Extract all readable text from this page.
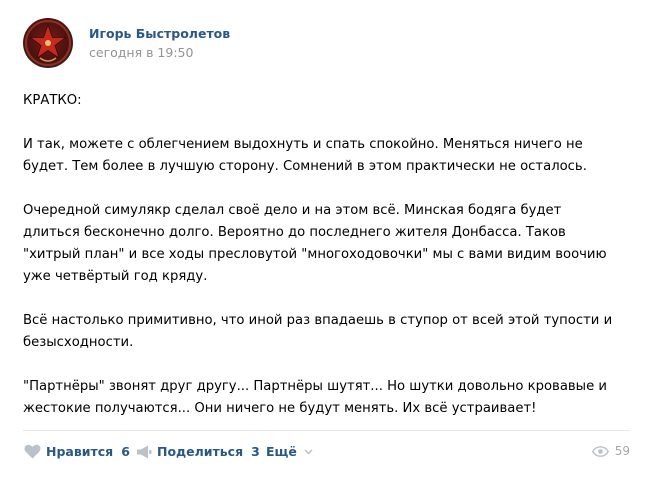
Игорь Быстролетов
сегодня в 19:50

КРАТКО:

И так, можете с облегчением выдохнуть и спать спокойно. Меняться ничего не
будет. Тем более в лучшую сторону. Сомнений в этом практически не осталось.

Очередной симулякр сделал своё дело и на этом всё. Минская бодяга будет
длиться бесконечно долго. Вероятно до последнего жителя Донбасса. Таков
"хитрый план" и все ходы пресловутой "многоходовочки" мы с вами видим воочию
уже четвёртый год кряду.

Всё настолько примитивно, что иной раз впадаешь в ступор от всей этой тупости и
безысходности.

"Партнёры" звонят друг другу... Партнёры шутят... Но шутки довольно кровавые и
жестокие получаются... Они ничего не будут менять. Их всё устраивает!

Нравится 6 Поделиться 3 Ещё	59
